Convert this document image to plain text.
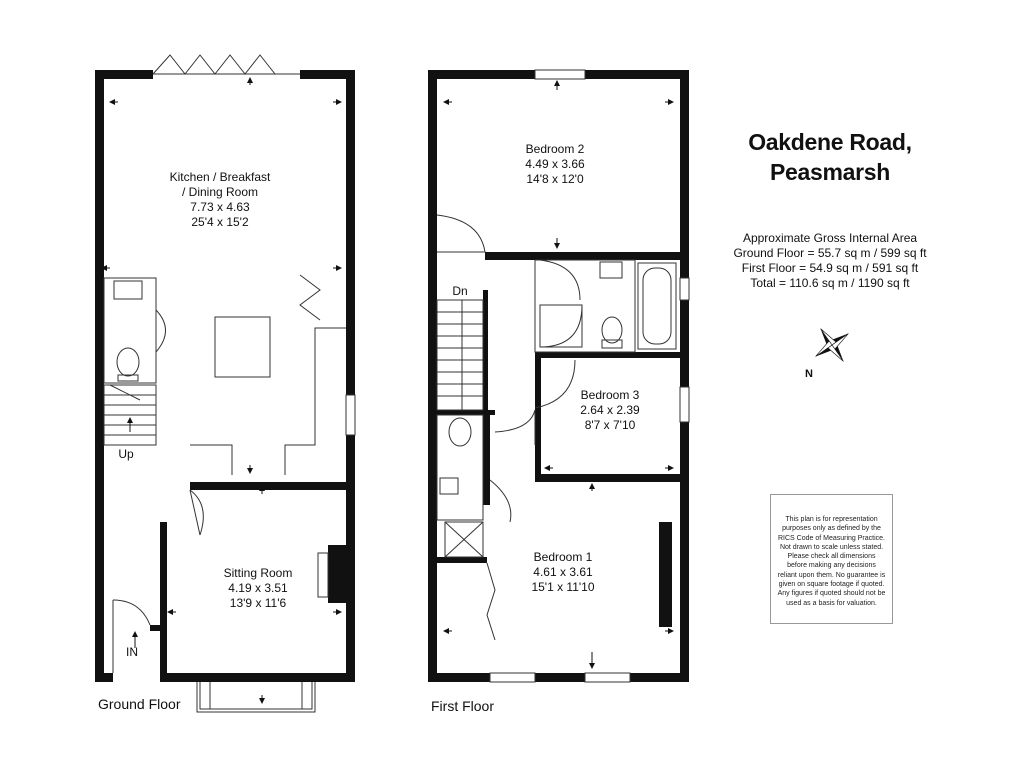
Kitchen / Breakfast
/ Dining Room
7.73 x 4.63
25'4 x 15'2
Sitting Room
4.19 x 3.51
13'9 x 11'6
Up
IN
Ground Floor
Bedroom 2
4.49 x 3.66
14'8 x 12'0
Bedroom 3
2.64 x 2.39
8'7 x 7'10
Bedroom 1
4.61 x 3.61
15'1 x 11'10
Dn
First Floor
Oakdene Road,
Peasmarsh
Approximate Gross Internal Area
Ground Floor = 55.7 sq m / 599 sq ft
First Floor = 54.9 sq m / 591 sq ft
Total = 110.6 sq m / 1190 sq ft
N
This plan is for representation purposes only as defined by the RICS Code of Measuring Practice. Not drawn to scale unless stated. Please check all dimensions before making any decisions reliant upon them. No guarantee is given on square footage if quoted. Any figures if quoted should not be used as a basis for valuation.
